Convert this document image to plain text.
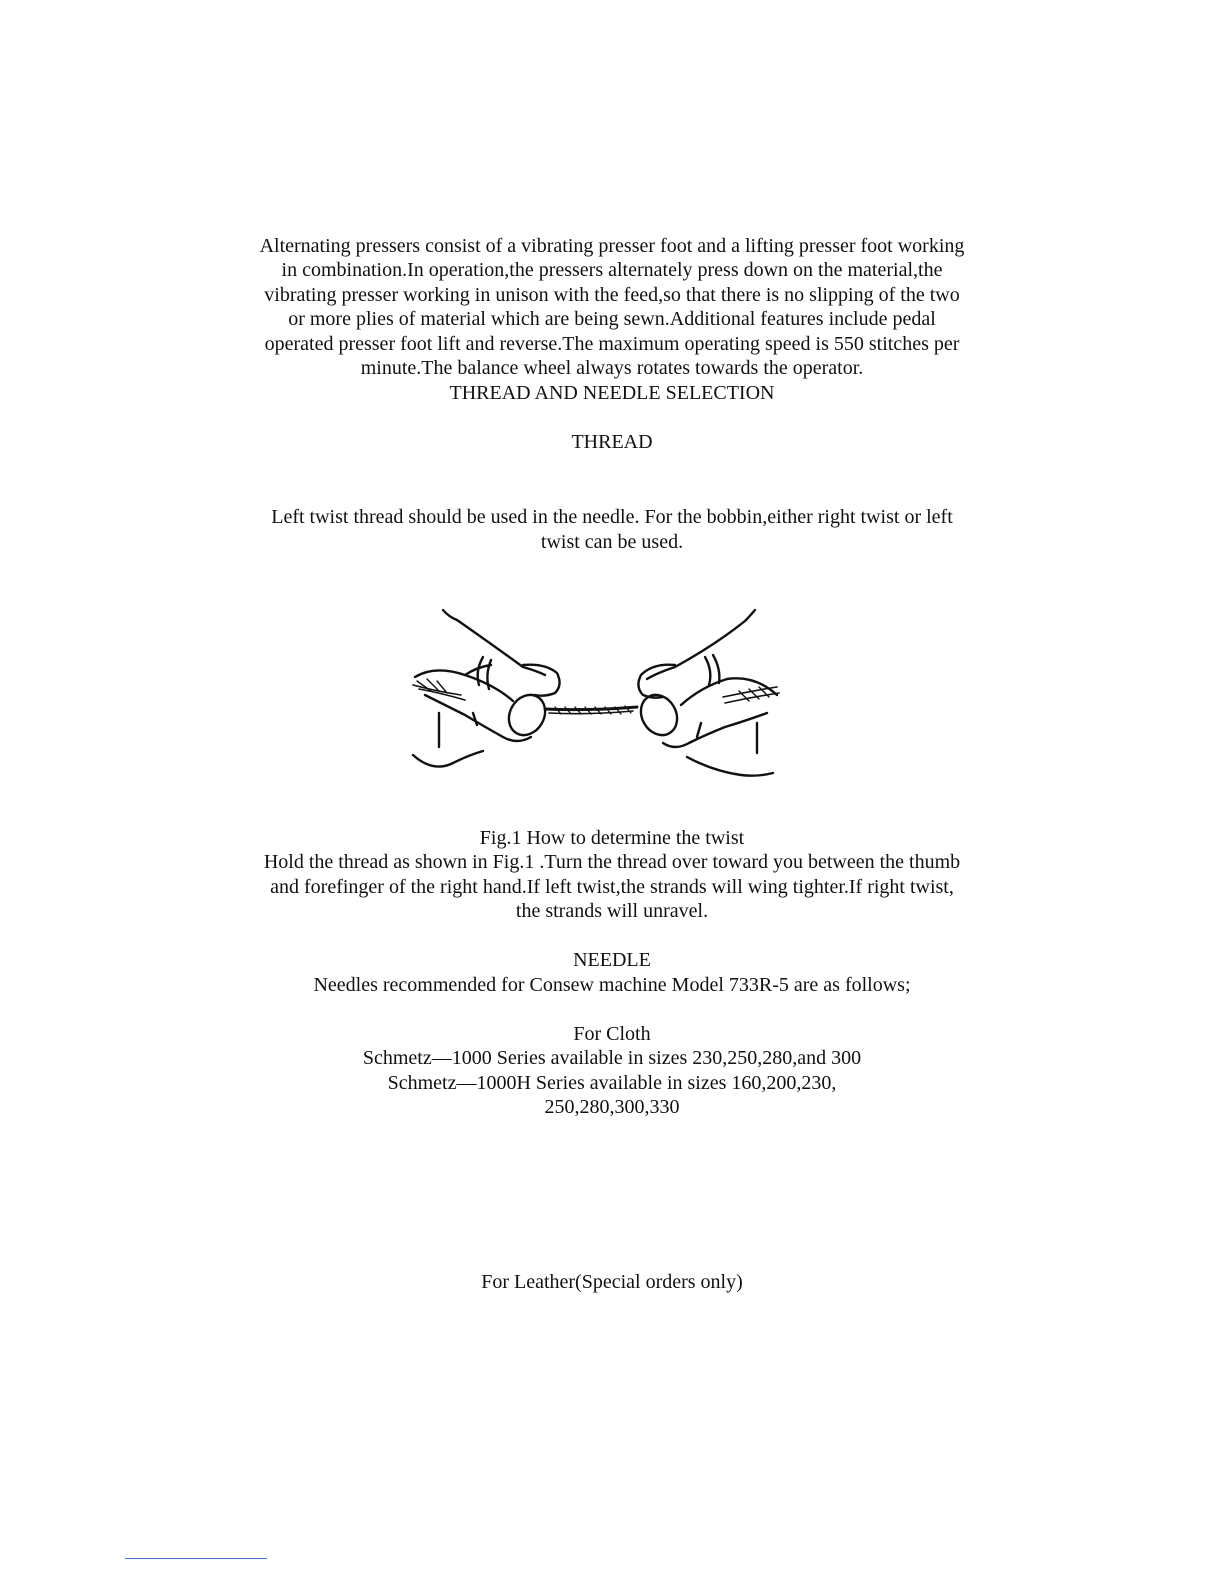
Alternating pressers consist of a vibrating presser foot and a lifting presser foot working
in combination.In operation,the pressers alternately press down on the material,the
vibrating presser working in unison with the feed,so that there is no slipping of the two
or more plies of material which are being sewn.Additional features include pedal
operated presser foot lift and reverse.The maximum operating speed is 550 stitches per
minute.The balance wheel always rotates towards the operator.
THREAD AND NEEDLE SELECTION
THREAD
Left twist thread should be used in the needle. For the bobbin,either right twist or left
twist can be used.
Fig.1 How to determine the twist
Hold the thread as shown in Fig.1 .Turn the thread over toward you between the thumb
and forefinger of the right hand.If left twist,the strands will wing tighter.If right twist,
the strands will unravel.
NEEDLE
Needles recommended for Consew machine Model 733R-5 are as follows;
For Cloth
Schmetz—1000 Series available in sizes 230,250,280,and 300
Schmetz—1000H Series available in sizes 160,200,230,
250,280,300,330
For Leather(Special orders only)
